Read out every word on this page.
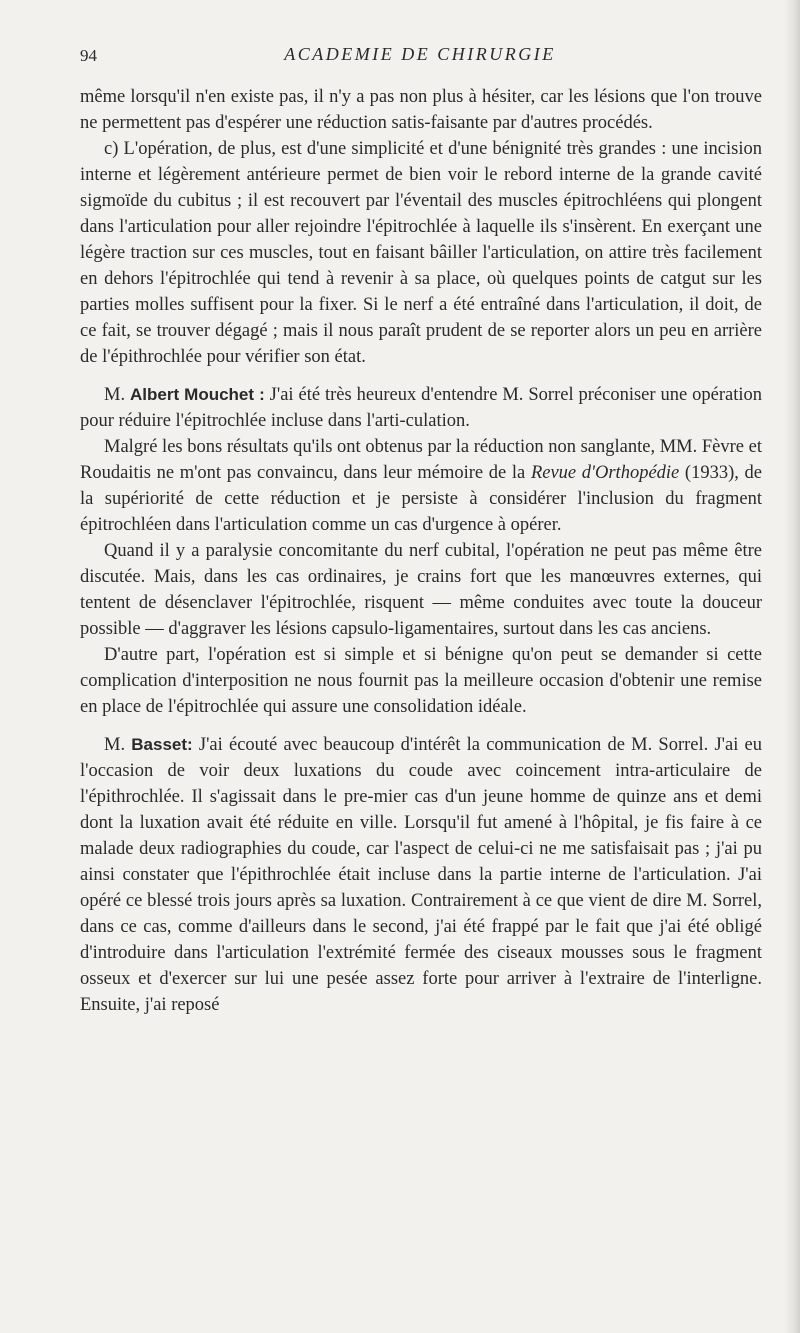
94	ACADEMIE DE CHIRURGIE

même lorsqu'il n'en existe pas, il n'y a pas non plus à hésiter, car les lésions que l'on trouve ne permettent pas d'espérer une réduction satis-faisante par d'autres procédés.

c) L'opération, de plus, est d'une simplicité et d'une bénignité très grandes : une incision interne et légèrement antérieure permet de bien voir le rebord interne de la grande cavité sigmoïde du cubitus ; il est recouvert par l'éventail des muscles épitrochléens qui plongent dans l'articulation pour aller rejoindre l'épitrochlée à laquelle ils s'insèrent. En exerçant une légère traction sur ces muscles, tout en faisant bâiller l'articulation, on attire très facilement en dehors l'épitrochlée qui tend à revenir à sa place, où quelques points de catgut sur les parties molles suffisent pour la fixer. Si le nerf a été entraîné dans l'articulation, il doit, de ce fait, se trouver dégagé ; mais il nous paraît prudent de se reporter alors un peu en arrière de l'épithrochlée pour vérifier son état.

M. Albert Mouchet : J'ai été très heureux d'entendre M. Sorrel préconiser une opération pour réduire l'épitrochlée incluse dans l'arti-culation.

Malgré les bons résultats qu'ils ont obtenus par la réduction non sanglante, MM. Fèvre et Roudaitis ne m'ont pas convaincu, dans leur mémoire de la Revue d'Orthopédie (1933), de la supériorité de cette réduction et je persiste à considérer l'inclusion du fragment épitrochléen dans l'articulation comme un cas d'urgence à opérer.

Quand il y a paralysie concomitante du nerf cubital, l'opération ne peut pas même être discutée. Mais, dans les cas ordinaires, je crains fort que les manœuvres externes, qui tentent de désenclaver l'épitrochlée, risquent — même conduites avec toute la douceur possible — d'aggraver les lésions capsulo-ligamentaires, surtout dans les cas anciens.

D'autre part, l'opération est si simple et si bénigne qu'on peut se demander si cette complication d'interposition ne nous fournit pas la meilleure occasion d'obtenir une remise en place de l'épitrochlée qui assure une consolidation idéale.

M. Basset: J'ai écouté avec beaucoup d'intérêt la communication de M. Sorrel. J'ai eu l'occasion de voir deux luxations du coude avec coincement intra-articulaire de l'épithrochlée. Il s'agissait dans le pre-mier cas d'un jeune homme de quinze ans et demi dont la luxation avait été réduite en ville. Lorsqu'il fut amené à l'hôpital, je fis faire à ce malade deux radiographies du coude, car l'aspect de celui-ci ne me satisfaisait pas ; j'ai pu ainsi constater que l'épithrochlée était incluse dans la partie interne de l'articulation. J'ai opéré ce blessé trois jours après sa luxation. Contrairement à ce que vient de dire M. Sorrel, dans ce cas, comme d'ailleurs dans le second, j'ai été frappé par le fait que j'ai été obligé d'introduire dans l'articulation l'extrémité fermée des ciseaux mousses sous le fragment osseux et d'exercer sur lui une pesée assez forte pour arriver à l'extraire de l'interligne. Ensuite, j'ai reposé
